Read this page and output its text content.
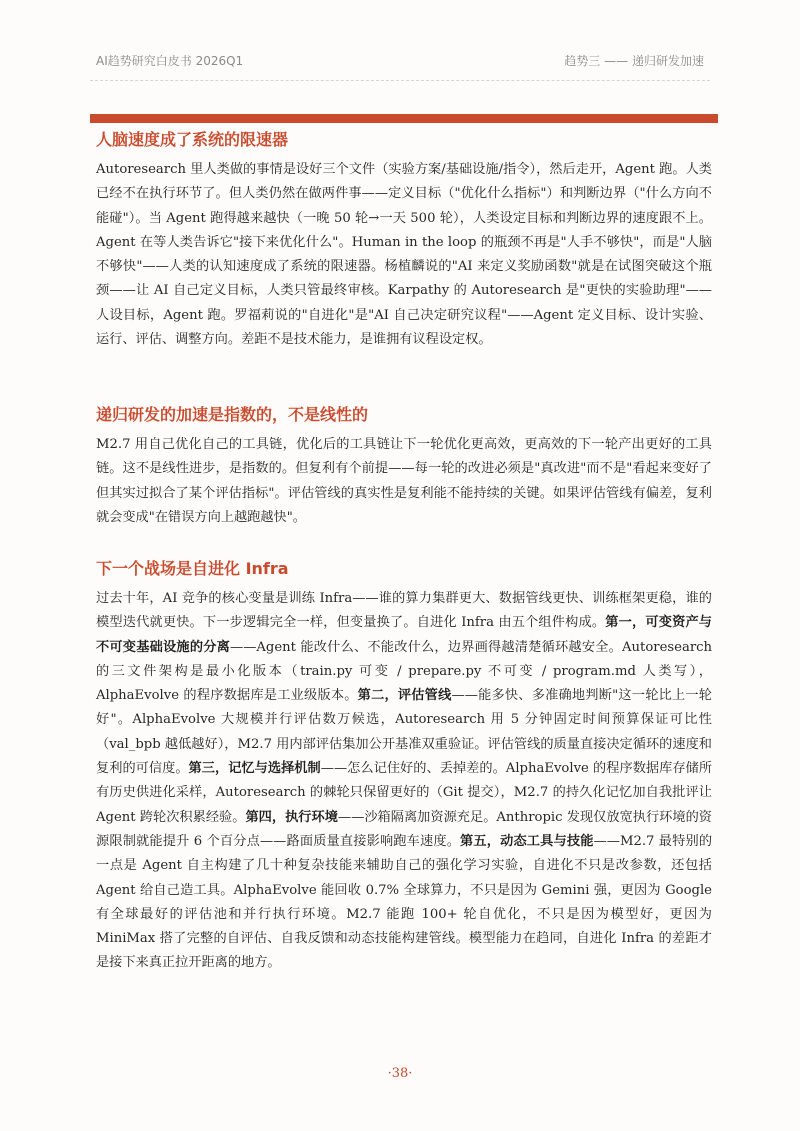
AI趋势研究白皮书 2026Q1	趋势三 —— 递归研发加速
人脑速度成了系统的限速器

Autoresearch 里人类做的事情是设好三个文件（实验方案/基础设施/指令），然后走开，Agent 跑。人类已经不在执行环节了。但人类仍然在做两件事——定义目标（"优化什么指标"）和判断边界（"什么方向不能碰"）。当 Agent 跑得越来越快（一晚 50 轮→一天 500 轮），人类设定目标和判断边界的速度跟不上。Agent 在等人类告诉它"接下来优化什么"。Human in the loop 的瓶颈不再是"人手不够快"，而是"人脑不够快"——人类的认知速度成了系统的限速器。杨植麟说的"AI 来定义奖励函数"就是在试图突破这个瓶颈——让 AI 自己定义目标，人类只管最终审核。Karpathy 的 Autoresearch 是"更快的实验助理"——人设目标，Agent 跑。罗福莉说的"自进化"是"AI 自己决定研究议程"——Agent 定义目标、设计实验、运行、评估、调整方向。差距不是技术能力，是谁拥有议程设定权。

递归研发的加速是指数的，不是线性的

M2.7 用自己优化自己的工具链，优化后的工具链让下一轮优化更高效，更高效的下一轮产出更好的工具链。这不是线性进步，是指数的。但复利有个前提——每一轮的改进必须是"真改进"而不是"看起来变好了但其实过拟合了某个评估指标"。评估管线的真实性是复利能不能持续的关键。如果评估管线有偏差，复利就会变成"在错误方向上越跑越快"。

下一个战场是自进化 Infra

过去十年，AI 竞争的核心变量是训练 Infra——谁的算力集群更大、数据管线更快、训练框架更稳，谁的模型迭代就更快。下一步逻辑完全一样，但变量换了。自进化 Infra 由五个组件构成。第一，可变资产与不可变基础设施的分离——Agent 能改什么、不能改什么，边界画得越清楚循环越安全。Autoresearch 的三文件架构是最小化版本（train.py 可变 / prepare.py 不可变 / program.md 人类写），AlphaEvolve 的程序数据库是工业级版本。第二，评估管线——能多快、多准确地判断"这一轮比上一轮好"。AlphaEvolve 大规模并行评估数万候选，Autoresearch 用 5 分钟固定时间预算保证可比性（val_bpb 越低越好），M2.7 用内部评估集加公开基准双重验证。评估管线的质量直接决定循环的速度和复利的可信度。第三，记忆与选择机制——怎么记住好的、丢掉差的。AlphaEvolve 的程序数据库存储所有历史供进化采样，Autoresearch 的棘轮只保留更好的（Git 提交），M2.7 的持久化记忆加自我批评让 Agent 跨轮次积累经验。第四，执行环境——沙箱隔离加资源充足。Anthropic 发现仅放宽执行环境的资源限制就能提升 6 个百分点——路面质量直接影响跑车速度。第五，动态工具与技能——M2.7 最特别的一点是 Agent 自主构建了几十种复杂技能来辅助自己的强化学习实验，自进化不只是改参数，还包括 Agent 给自己造工具。AlphaEvolve 能回收 0.7% 全球算力，不只是因为 Gemini 强，更因为 Google 有全球最好的评估池和并行执行环境。M2.7 能跑 100+ 轮自优化，不只是因为模型好，更因为 MiniMax 搭了完整的自评估、自我反馈和动态技能构建管线。模型能力在趋同，自进化 Infra 的差距才是接下来真正拉开距离的地方。

·38·
